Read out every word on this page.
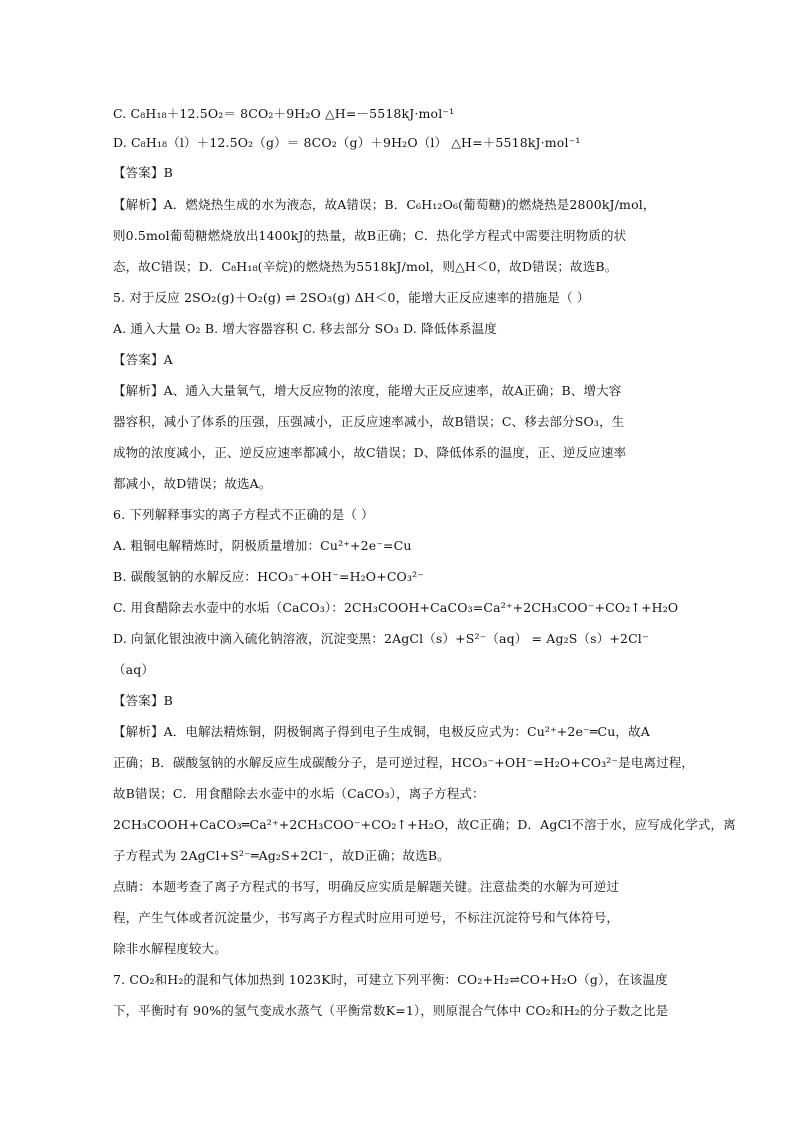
C. C₈H₁₈＋12.5O₂＝ 8CO₂＋9H₂O △H=－5518kJ·mol⁻¹
D. C₈H₁₈（l）＋12.5O₂（g）＝ 8CO₂（g）＋9H₂O（l） △H=＋5518kJ·mol⁻¹
【答案】B
【解析】A．燃烧热生成的水为液态，故A错误；B．C₆H₁₂O₆(葡萄糖)的燃烧热是2800kJ/mol，
则0.5mol葡萄糖燃烧放出1400kJ的热量，故B正确；C．热化学方程式中需要注明物质的状
态，故C错误；D．C₈H₁₈(辛烷)的燃烧热为5518kJ/mol，则△H＜0，故D错误；故选B。
5. 对于反应 2SO₂(g)＋O₂(g) ⇌ 2SO₃(g) ΔH＜0，能增大正反应速率的措施是（ ）
A. 通入大量 O₂ B. 增大容器容积 C. 移去部分 SO₃ D. 降低体系温度
【答案】A
【解析】A、通入大量氧气，增大反应物的浓度，能增大正反应速率，故A正确；B、增大容
器容积，减小了体系的压强，压强减小，正反应速率减小，故B错误；C、移去部分SO₃，生
成物的浓度减小，正、逆反应速率都减小，故C错误；D、降低体系的温度，正、逆反应速率
都减小，故D错误；故选A。
6. 下列解释事实的离子方程式不正确的是（ ）
A. 粗铜电解精炼时，阴极质量增加：Cu²⁺+2e⁻=Cu
B. 碳酸氢钠的水解反应：HCO₃⁻+OH⁻=H₂O+CO₃²⁻
C. 用食醋除去水壶中的水垢（CaCO₃）：2CH₃COOH+CaCO₃=Ca²⁺+2CH₃COO⁻+CO₂↑+H₂O
D. 向氯化银浊液中滴入硫化钠溶液，沉淀变黑：2AgCl（s）+S²⁻（aq） = Ag₂S（s）+2Cl⁻
（aq）
【答案】B
【解析】A．电解法精炼铜，阴极铜离子得到电子生成铜，电极反应式为：Cu²⁺+2e⁻═Cu，故A
正确；B．碳酸氢钠的水解反应生成碳酸分子，是可逆过程，HCO₃⁻+OH⁻=H₂O+CO₃²⁻是电离过程，
故B错误；C．用食醋除去水壶中的水垢（CaCO₃），离子方程式：
2CH₃COOH+CaCO₃═Ca²⁺+2CH₃COO⁻+CO₂↑+H₂O，故C正确；D．AgCl不溶于水，应写成化学式，离
子方程式为 2AgCl+S²⁻═Ag₂S+2Cl⁻，故D正确；故选B。
点睛：本题考查了离子方程式的书写，明确反应实质是解题关键。注意盐类的水解为可逆过
程，产生气体或者沉淀量少，书写离子方程式时应用可逆号，不标注沉淀符号和气体符号，
除非水解程度较大。
7. CO₂和H₂的混和气体加热到 1023K时，可建立下列平衡：CO₂+H₂⇌CO+H₂O（g），在该温度
下，平衡时有 90%的氢气变成水蒸气（平衡常数K=1），则原混合气体中 CO₂和H₂的分子数之比是
